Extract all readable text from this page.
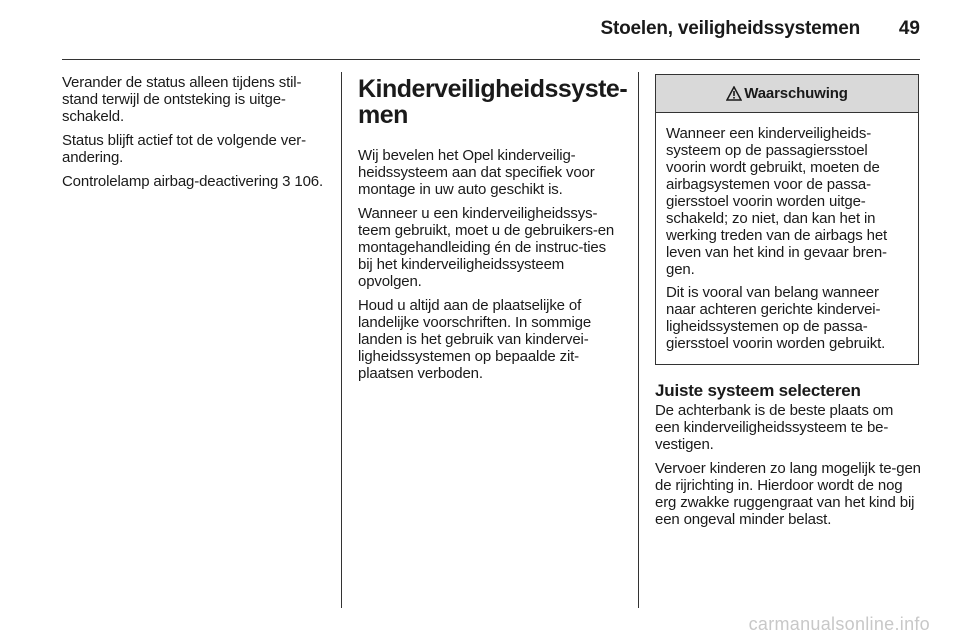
Stoelen, veiligheidssystemen	49

Verander de status alleen tijdens stil-stand terwijl de ontsteking is uitge-schakeld.

Status blijft actief tot de volgende ver-andering.

Controlelamp airbag-deactivering 3 106.

Kinderveiligheidssyste-men

Wij bevelen het Opel kinderveilig-heidssysteem aan dat specifiek voor montage in uw auto geschikt is.

Wanneer u een kinderveiligheidssys-teem gebruikt, moet u de gebruikers-en montagehandleiding én de instruc-ties bij het kinderveiligheidssysteem opvolgen.

Houd u altijd aan de plaatselijke of landelijke voorschriften. In sommige landen is het gebruik van kindervei-ligheidssystemen op bepaalde zit-plaatsen verboden.

Waarschuwing

Wanneer een kinderveiligheids-systeem op de passagiersstoel voorin wordt gebruikt, moeten de airbagsystemen voor de passa-giersstoel voorin worden uitge-schakeld; zo niet, dan kan het in werking treden van de airbags het leven van het kind in gevaar bren-gen.

Dit is vooral van belang wanneer naar achteren gerichte kindervei-ligheidssystemen op de passa-giersstoel voorin worden gebruikt.

Juiste systeem selecteren

De achterbank is de beste plaats om een kinderveiligheidssysteem te be-vestigen.

Vervoer kinderen zo lang mogelijk te-gen de rijrichting in. Hierdoor wordt de nog erg zwakke ruggengraat van het kind bij een ongeval minder belast.

carmanualsonline.info
